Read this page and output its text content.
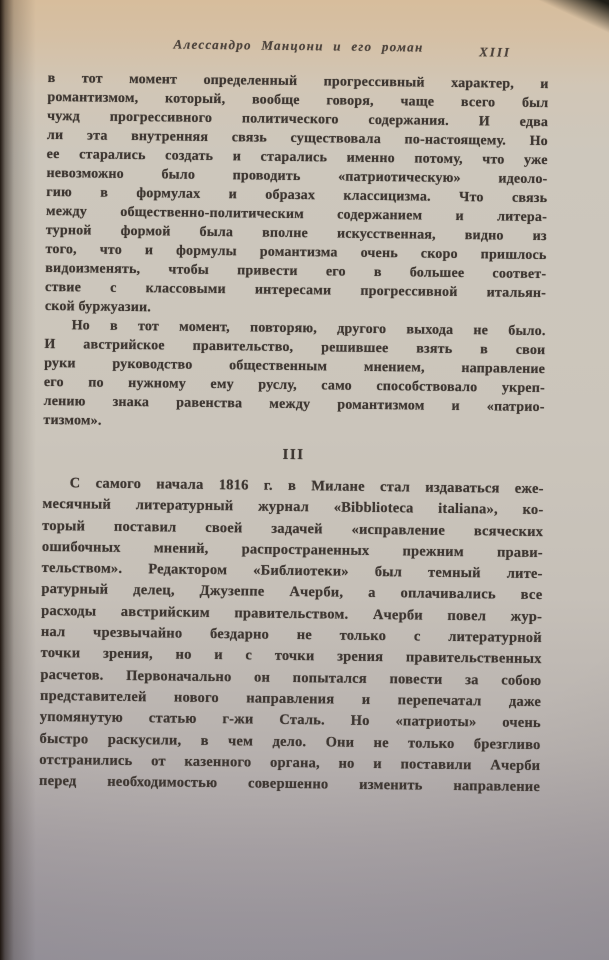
Алессандро Манцони и его роман	XIII
в тот момент определенный прогрессивный характер, и
романтизмом, который, вообще говоря, чаще всего был
чужд прогрессивного политического содержания. И едва
ли эта внутренняя связь существовала по-настоящему. Но
ее старались создать и старались именно потому, что уже
невозможно было проводить «патриотическую» идеоло-
гию в формулах и образах классицизма. Что связь
между общественно-политическим содержанием и литера-
турной формой была вполне искусственная, видно из
того, что и формулы романтизма очень скоро пришлось
видоизменять, чтобы привести его в большее соответ-
ствие с классовыми интересами прогрессивной итальян-
ской буржуазии.
Но в тот момент, повторяю, другого выхода не было.
И австрийское правительство, решившее взять в свои
руки руководство общественным мнением, направление
его по нужному ему руслу, само способствовало укреп-
лению знака равенства между романтизмом и «патрио-
тизмом».
III
С самого начала 1816 г. в Милане стал издаваться еже-
месячный литературный журнал «Bibblioteca italiana», ко-
торый поставил своей задачей «исправление всяческих
ошибочных мнений, распространенных прежним прави-
тельством». Редактором «Библиотеки» был темный лите-
ратурный делец, Джузеппе Ачерби, а оплачивались все
расходы австрийским правительством. Ачерби повел жур-
нал чрезвычайно бездарно не только с литературной
точки зрения, но и с точки зрения правительственных
расчетов. Первоначально он попытался повести за собою
представителей нового направления и перепечатал даже
упомянутую статью г-жи Сталь. Но «патриоты» очень
быстро раскусили, в чем дело. Они не только брезгливо
отстранились от казенного органа, но и поставили Ачерби
перед необходимостью совершенно изменить направление
